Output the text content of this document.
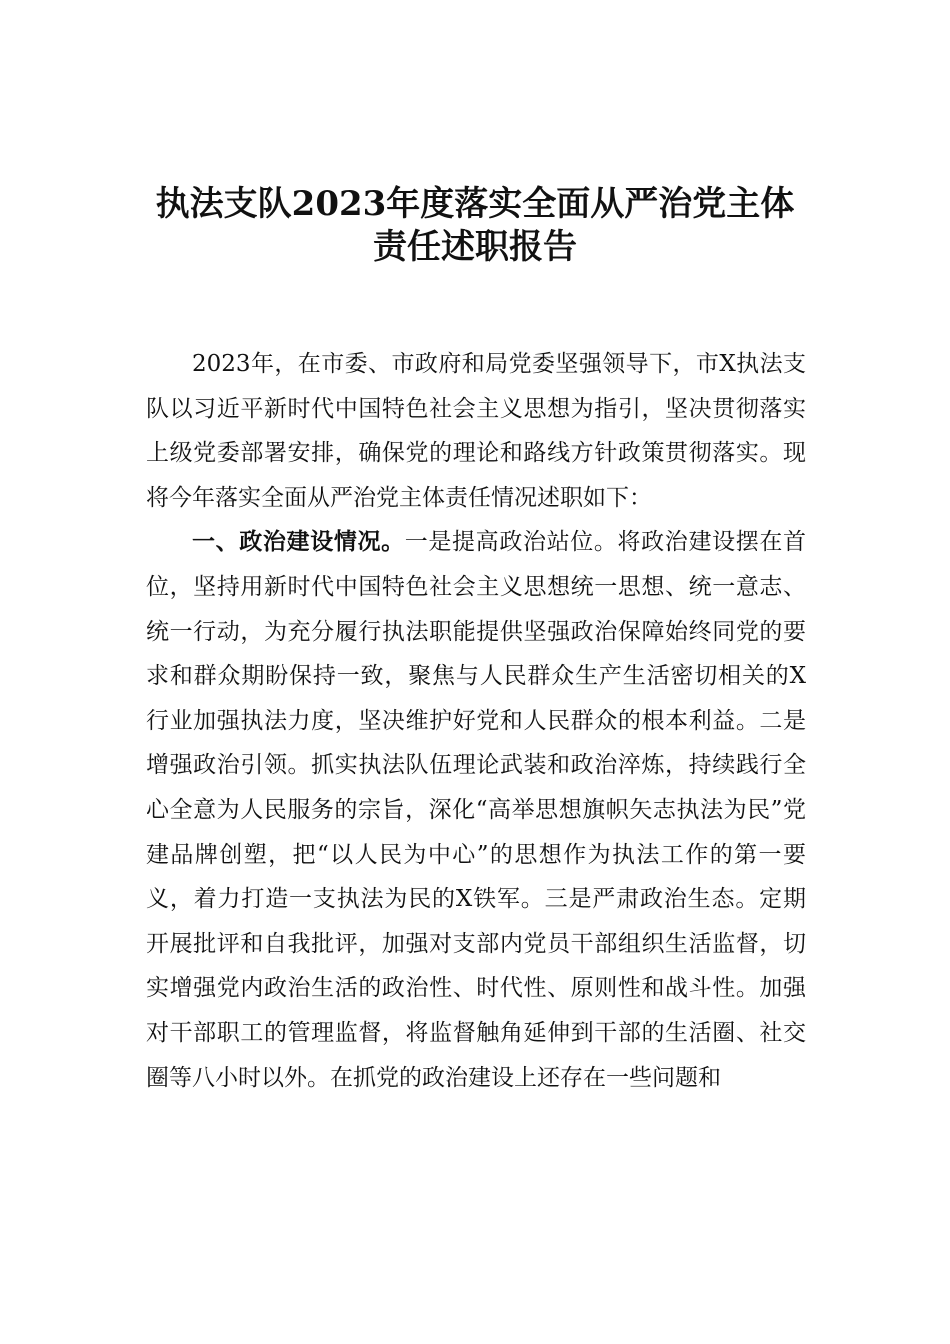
执法支队2023年度落实全面从严治党主体
责任述职报告

2023年，在市委、市政府和局党委坚强领导下，市X执法支队以习近平新时代中国特色社会主义思想为指引，坚决贯彻落实上级党委部署安排，确保党的理论和路线方针政策贯彻落实。现将今年落实全面从严治党主体责任情况述职如下：

一、政治建设情况。一是提高政治站位。将政治建设摆在首位，坚持用新时代中国特色社会主义思想统一思想、统一意志、统一行动，为充分履行执法职能提供坚强政治保障始终同党的要求和群众期盼保持一致，聚焦与人民群众生产生活密切相关的X行业加强执法力度，坚决维护好党和人民群众的根本利益。二是增强政治引领。抓实执法队伍理论武装和政治淬炼，持续践行全心全意为人民服务的宗旨，深化“高举思想旗帜矢志执法为民”党建品牌创塑，把“以人民为中心”的思想作为执法工作的第一要义，着力打造一支执法为民的X铁军。三是严肃政治生态。定期开展批评和自我批评，加强对支部内党员干部组织生活监督，切实增强党内政治生活的政治性、时代性、原则性和战斗性。加强对干部职工的管理监督，将监督触角延伸到干部的生活圈、社交圈等八小时以外。在抓党的政治建设上还存在一些问题和
